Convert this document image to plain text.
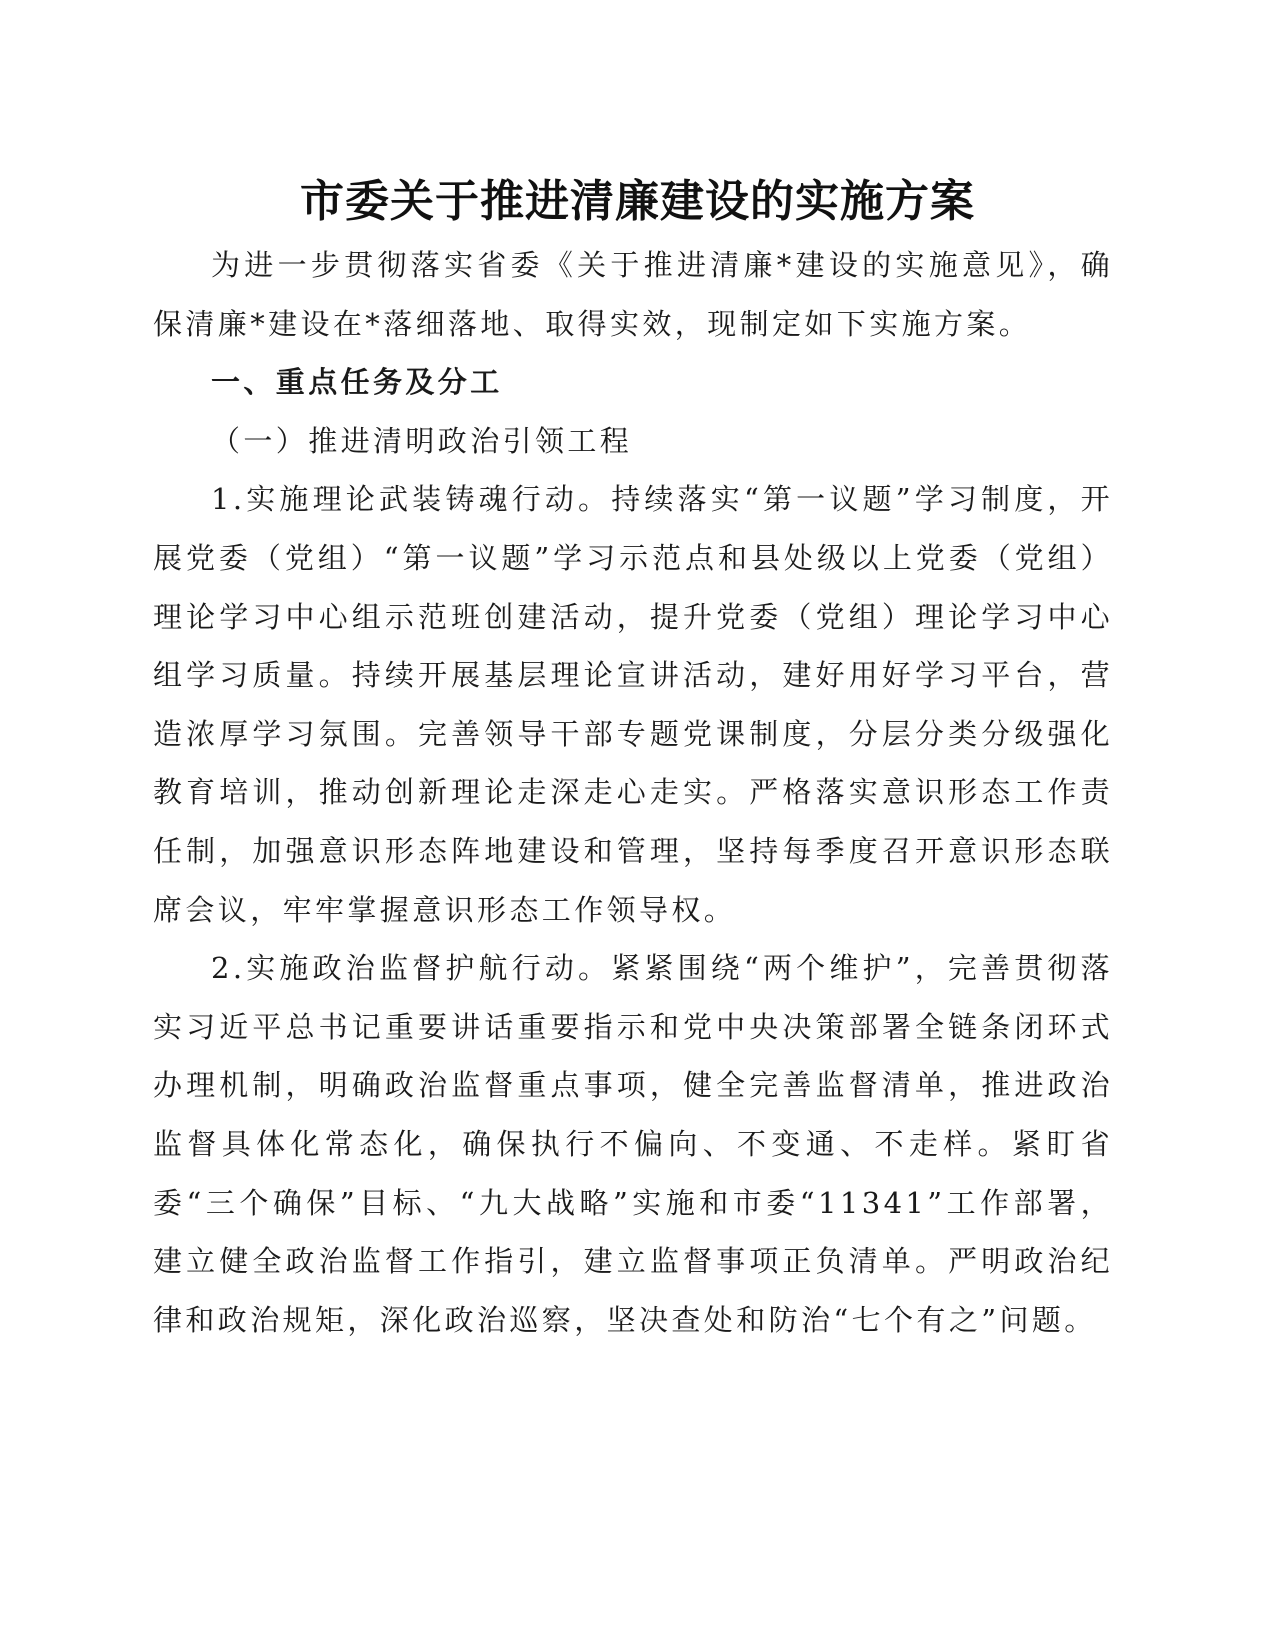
市委关于推进清廉建设的实施方案

为进一步贯彻落实省委《关于推进清廉*建设的实施意见》，确保清廉*建设在*落细落地、取得实效，现制定如下实施方案。

一、重点任务及分工
（一）推进清明政治引领工程

1.实施理论武装铸魂行动。持续落实“第一议题”学习制度，开展党委（党组）“第一议题”学习示范点和县处级以上党委（党组）理论学习中心组示范班创建活动，提升党委（党组）理论学习中心组学习质量。持续开展基层理论宣讲活动，建好用好学习平台，营造浓厚学习氛围。完善领导干部专题党课制度，分层分类分级强化教育培训，推动创新理论走深走心走实。严格落实意识形态工作责任制，加强意识形态阵地建设和管理，坚持每季度召开意识形态联席会议，牢牢掌握意识形态工作领导权。

2.实施政治监督护航行动。紧紧围绕“两个维护”，完善贯彻落实习近平总书记重要讲话重要指示和党中央决策部署全链条闭环式办理机制，明确政治监督重点事项，健全完善监督清单，推进政治监督具体化常态化，确保执行不偏向、不变通、不走样。紧盯省委“三个确保”目标、“九大战略”实施和市委“11341”工作部署，建立健全政治监督工作指引，建立监督事项正负清单。严明政治纪律和政治规矩，深化政治巡察，坚决查处和防治“七个有之”问题。
